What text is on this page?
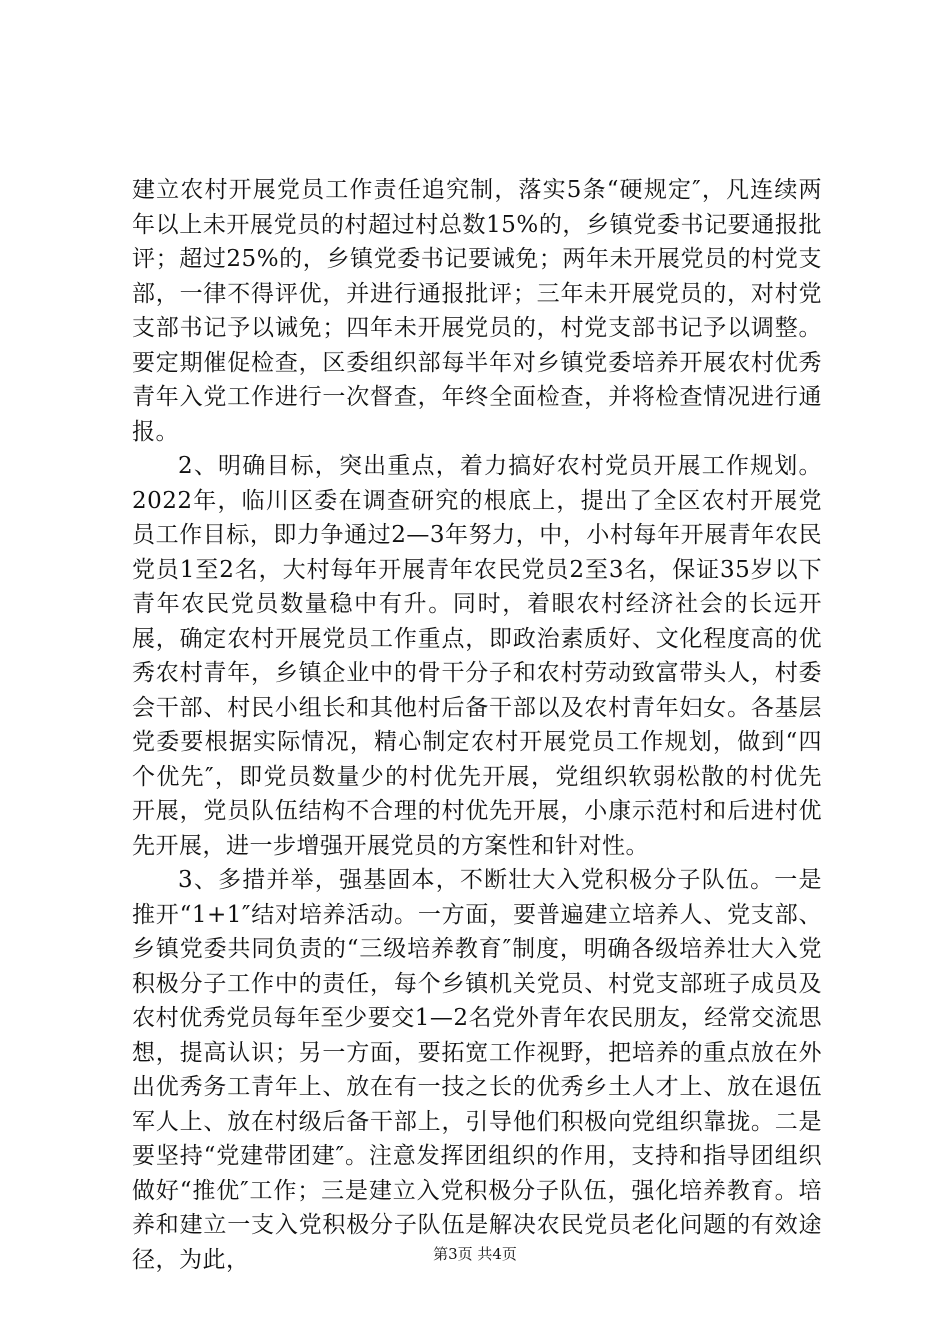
建立农村开展党员工作责任追究制，落实5条“硬规定″，凡连续两年以上未开展党员的村超过村总数15%的，乡镇党委书记要通报批评；超过25%的，乡镇党委书记要诫免；两年未开展党员的村党支部，一律不得评优，并进行通报批评；三年未开展党员的，对村党支部书记予以诫免；四年未开展党员的，村党支部书记予以调整。要定期催促检查，区委组织部每半年对乡镇党委培养开展农村优秀青年入党工作进行一次督查，年终全面检查，并将检查情况进行通报。

2、明确目标，突出重点，着力搞好农村党员开展工作规划。2022年，临川区委在调查研究的根底上，提出了全区农村开展党员工作目标，即力争通过2—3年努力，中，小村每年开展青年农民党员1至2名，大村每年开展青年农民党员2至3名，保证35岁以下青年农民党员数量稳中有升。同时，着眼农村经济社会的长远开展，确定农村开展党员工作重点，即政治素质好、文化程度高的优秀农村青年，乡镇企业中的骨干分子和农村劳动致富带头人，村委会干部、村民小组长和其他村后备干部以及农村青年妇女。各基层党委要根据实际情况，精心制定农村开展党员工作规划，做到“四个优先″，即党员数量少的村优先开展，党组织软弱松散的村优先开展，党员队伍结构不合理的村优先开展，小康示范村和后进村优先开展，进一步增强开展党员的方案性和针对性。

3、多措并举，强基固本，不断壮大入党积极分子队伍。一是推开“1+1″结对培养活动。一方面，要普遍建立培养人、党支部、乡镇党委共同负责的“三级培养教育″制度，明确各级培养壮大入党积极分子工作中的责任，每个乡镇机关党员、村党支部班子成员及农村优秀党员每年至少要交1—2名党外青年农民朋友，经常交流思想，提高认识；另一方面，要拓宽工作视野，把培养的重点放在外出优秀务工青年上、放在有一技之长的优秀乡土人才上、放在退伍军人上、放在村级后备干部上，引导他们积极向党组织靠拢。二是要坚持“党建带团建″。注意发挥团组织的作用，支持和指导团组织做好“推优″工作；三是建立入党积极分子队伍，强化培养教育。培养和建立一支入党积极分子队伍是解决农民党员老化问题的有效途径，为此，	第3页 共4页
